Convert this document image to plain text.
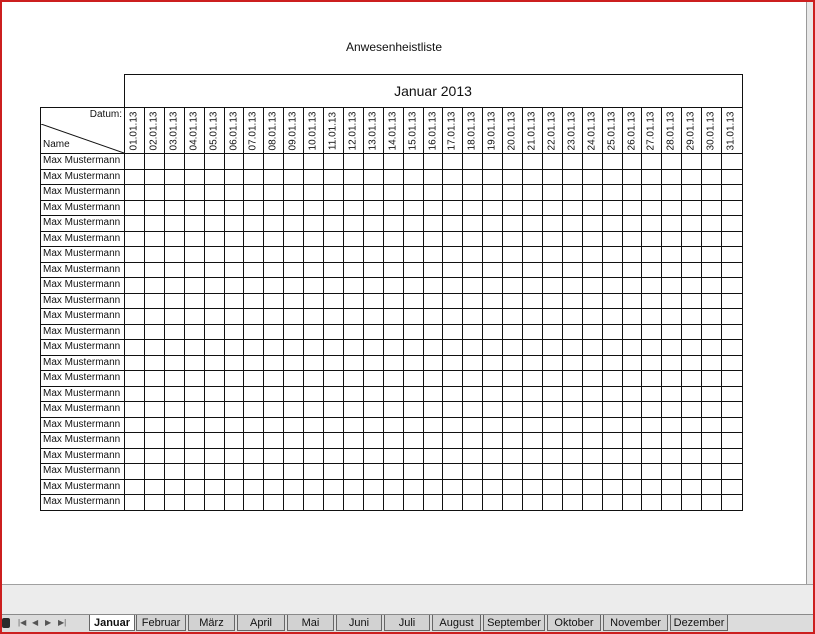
Anwesenheistliste
Januar 2013
Datum:
Name	01.01.13 02.01.13 03.01.13 04.01.13 05.01.13 06.01.13 07.01.13 08.01.13 09.01.13 10.01.13 11.01.13 12.01.13 13.01.13 14.01.13 15.01.13 16.01.13 17.01.13 18.01.13 19.01.13 20.01.13 21.01.13 22.01.13 23.01.13 24.01.13 25.01.13 26.01.13 27.01.13 28.01.13 29.01.13 30.01.13 31.01.13
Max Mustermann
Max Mustermann
Max Mustermann
Max Mustermann
Max Mustermann
Max Mustermann
Max Mustermann
Max Mustermann
Max Mustermann
Max Mustermann
Max Mustermann
Max Mustermann
Max Mustermann
Max Mustermann
Max Mustermann
Max Mustermann
Max Mustermann
Max Mustermann
Max Mustermann
Max Mustermann
Max Mustermann
Max Mustermann
Max Mustermann
|◀ ◀ ▶ ▶|	Januar	Februar	März	April	Mai	Juni	Juli	August	September	Oktober	November	Dezember
